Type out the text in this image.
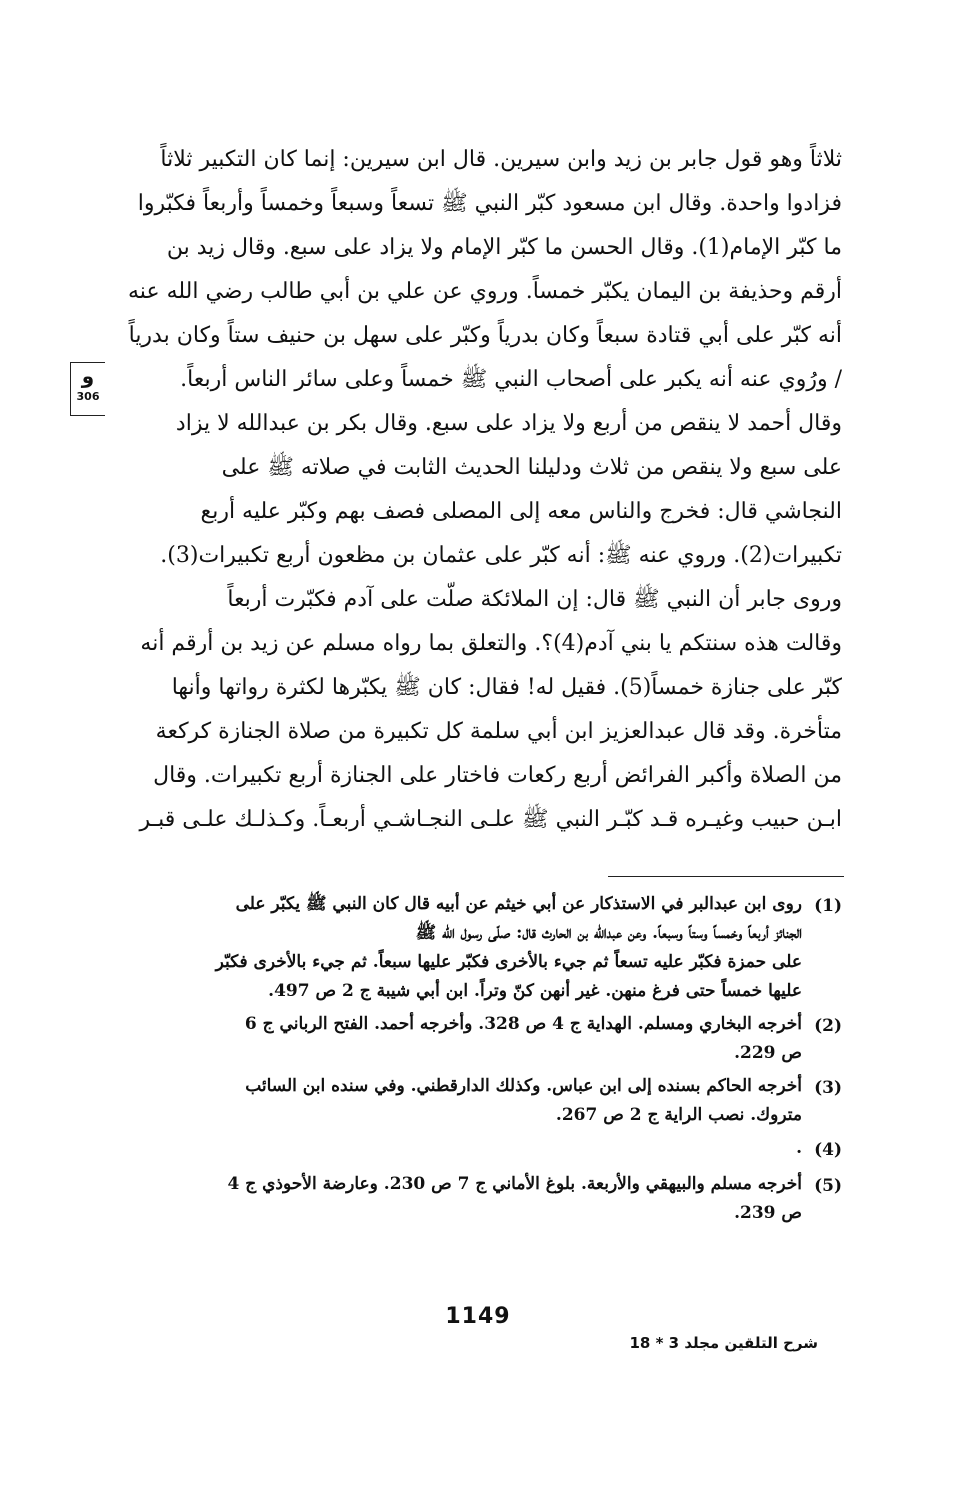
ثلاثاً وهو قول جابر بن زيد وابن سيرين. قال ابن سيرين: إنما كان التكبير ثلاثاً
فزادوا واحدة. وقال ابن مسعود كبّر النبي ﷺ تسعاً وسبعاً وخمساً وأربعاً فكبّروا
ما كبّر الإمام(1). وقال الحسن ما كبّر الإمام ولا يزاد على سبع. وقال زيد بن
أرقم وحذيفة بن اليمان يكبّر خمساً. وروي عن علي بن أبي طالب رضي الله عنه
أنه كبّر على أبي قتادة سبعاً وكان بدرياً وكبّر على سهل بن حنيف ستاً وكان بدرياً
/ ورُوي عنه أنه يكبر على أصحاب النبي ﷺ خمساً وعلى سائر الناس أربعاً.
وقال أحمد لا ينقص من أربع ولا يزاد على سبع. وقال بكر بن عبدالله لا يزاد
على سبع ولا ينقص من ثلاث ودليلنا الحديث الثابت في صلاته ﷺ على
النجاشي قال: فخرج والناس معه إلى المصلى فصف بهم وكبّر عليه أربع
تكبيرات(2). وروي عنه ﷺ: أنه كبّر على عثمان بن مظعون أربع تكبيرات(3).
وروى جابر أن النبي ﷺ قال: إن الملائكة صلّت على آدم فكبّرت أربعاً
وقالت هذه سنتكم يا بني آدم(4)؟. والتعلق بما رواه مسلم عن زيد بن أرقم أنه
كبّر على جنازة خمساً(5). فقيل له! فقال: كان ﷺ يكبّرها لكثرة رواتها وأنها
متأخرة. وقد قال عبدالعزيز ابن أبي سلمة كل تكبيرة من صلاة الجنازة كركعة
من الصلاة وأكبر الفرائض أربع ركعات فاختار على الجنازة أربع تكبيرات. وقال
ابـن حبيب وغيـره قـد كبّـر النبي ﷺ علـى النجـاشـي أربعـاً. وكـذلـك علـى قبـر
و
306
(1)
روى ابن عبدالبر في الاستذكار عن أبي خيثم عن أبيه قال كان النبي ﷺ يكبّر على
الجنائز أربعاً وخمساً وستاً وسبعاً. وعن عبدالله بن الحارث قال: صلّى رسول الله ﷺ
على حمزة فكبّر عليه تسعاً ثم جيء بالأخرى فكبّر عليها سبعاً. ثم جيء بالأخرى فكبّر
عليها خمساً حتى فرغ منهن. غير أنهن كنّ وتراً. ابن أبي شيبة ج 2 ص 497.
(2)
أخرجه البخاري ومسلم. الهداية ج 4 ص 328. وأخرجه أحمد. الفتح الرباني ج 6
ص 229.
(3)
أخرجه الحاكم بسنده إلى ابن عباس. وكذلك الدارقطني. وفي سنده ابن السائب
متروك. نصب الراية ج 2 ص 267.
(4)
.
(5)
أخرجه مسلم والبيهقي والأربعة. بلوغ الأماني ج 7 ص 230. وعارضة الأحوذي ج 4
ص 239.
1149
شرح التلقين مجلد 3 * 18
